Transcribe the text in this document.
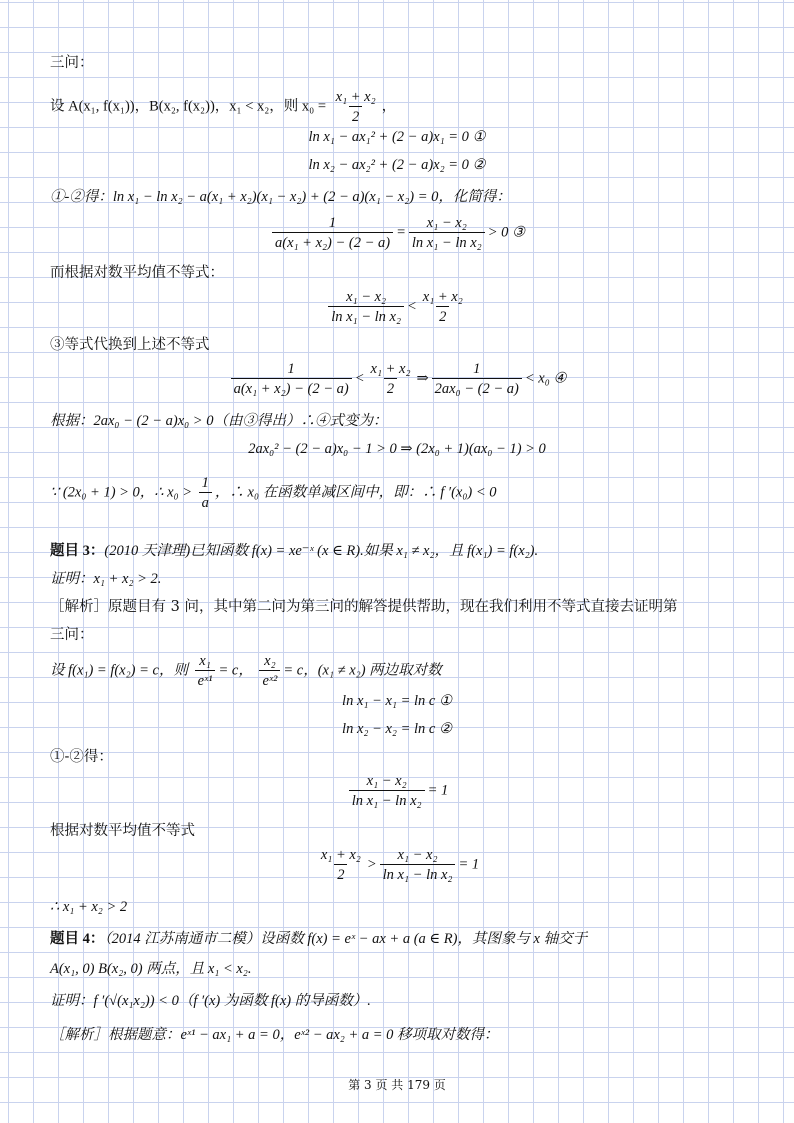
三问：
设 A(x₁, f(x₁))，B(x₂, f(x₂))，x₁ < x₂，则 $x_0 = \frac{\text{x₁ + x₂}}{2}$ ，
ln x₁ − ax₁² + (2 − a)x₁ = 0 ①
ln x₂ − ax₂² + (2 − a)x₂ = 0 ②
①-②得：ln x₁ − ln x₂ − a(x₁ + x₂)(x₁ − x₂) + (2 − a)(x₁ − x₂) = 0，化简得：
$\frac{1}{\text{a(x₁ + x₂) − (2 − a)}} = \frac{\text{x₁ − x₂}}{\text{ln x₁ − ln x₂}} > 0$ ③
而根据对数平均值不等式：
$\frac{\text{x₁ − x₂}}{\text{ln x₁ − ln x₂}} < \frac{\text{x₁ + x₂}}{2}$
③等式代换到上述不等式
$\frac{1}{\text{a(x₁ + x₂) − (2 − a)}} < \frac{\text{x₁ + x₂}}{2}$ ⇒ $\frac{1}{\text{2ax₀ − (2 − a)}} < x_0$ ④
根据：2ax₀ − (2 − a)x₀ > 0（由③得出）∴④式变为：
2ax₀² − (2 − a)x₀ − 1 > 0 ⇒ (2x₀ + 1)(ax₀ − 1) > 0
∵ (2x₀ + 1) > 0，∴ $x_0 > \frac{1}{a}$ ，∴ x₀ 在函数单减区间中，即：∴ f ′(x₀) < 0
题目 3：(2010 天津理)已知函数 f(x) = xe⁻ˣ (x ∈ R).如果 x₁ ≠ x₂，且 f(x₁) = f(x₂).
证明：x₁ + x₂ > 2.
［解析］原题目有 3 问，其中第二问为第三问的解答提供帮助，现在我们利用不等式直接去证明第
三问：
设 f(x₁) = f(x₂) = c，则 $\frac{\text{x₁}}{\text{eˣ¹}} = c$， $\frac{\text{x₂}}{\text{eˣ²}} = c$，(x₁ ≠ x₂) 两边取对数
ln x₁ − x₁ = ln c ①
ln x₂ − x₂ = ln c ②
①-②得：
$\frac{\text{x₁ − x₂}}{\text{ln x₁ − ln x₂}} = 1$
根据对数平均值不等式
$\frac{\text{x₁ + x₂}}{2} > \frac{\text{x₁ − x₂}}{\text{ln x₁ − ln x₂}} = 1$
∴ x₁ + x₂ > 2
题目 4：（2014 江苏南通市二模）设函数 f(x) = eˣ − ax + a (a ∈ R)，其图象与 x 轴交于
A(x₁, 0) B(x₂, 0) 两点，且 x₁ < x₂.
证明：f ′(√(x₁x₂)) < 0（f ′(x) 为函数 f(x) 的导函数）.
［解析］根据题意：eˣ¹ − ax₁ + a = 0，eˣ² − ax₂ + a = 0 移项取对数得：
第 3 页 共 179 页
